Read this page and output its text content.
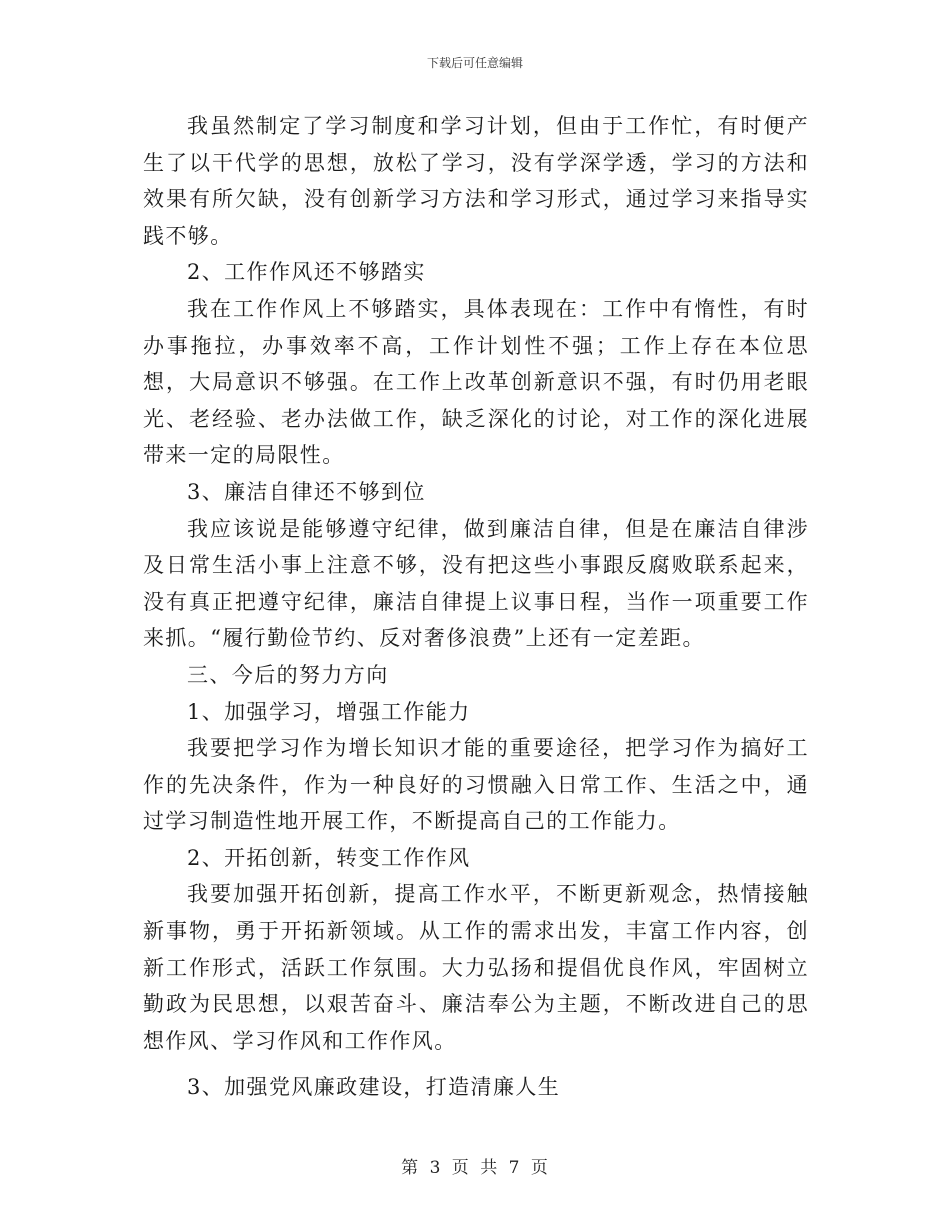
下载后可任意编辑

我虽然制定了学习制度和学习计划，但由于工作忙，有时便产生了以干代学的思想，放松了学习，没有学深学透，学习的方法和效果有所欠缺，没有创新学习方法和学习形式，通过学习来指导实践不够。

2、工作作风还不够踏实

我在工作作风上不够踏实，具体表现在：工作中有惰性，有时办事拖拉，办事效率不高，工作计划性不强；工作上存在本位思想，大局意识不够强。在工作上改革创新意识不强，有时仍用老眼光、老经验、老办法做工作，缺乏深化的讨论，对工作的深化进展带来一定的局限性。

3、廉洁自律还不够到位

我应该说是能够遵守纪律，做到廉洁自律，但是在廉洁自律涉及日常生活小事上注意不够，没有把这些小事跟反腐败联系起来，没有真正把遵守纪律，廉洁自律提上议事日程，当作一项重要工作来抓。“履行勤俭节约、反对奢侈浪费”上还有一定差距。

三、今后的努力方向

1、加强学习，增强工作能力

我要把学习作为增长知识才能的重要途径，把学习作为搞好工作的先决条件，作为一种良好的习惯融入日常工作、生活之中，通过学习制造性地开展工作，不断提高自己的工作能力。

2、开拓创新，转变工作作风

我要加强开拓创新，提高工作水平，不断更新观念，热情接触新事物，勇于开拓新领域。从工作的需求出发，丰富工作内容，创新工作形式，活跃工作氛围。大力弘扬和提倡优良作风，牢固树立勤政为民思想，以艰苦奋斗、廉洁奉公为主题，不断改进自己的思想作风、学习作风和工作作风。

3、加强党风廉政建设，打造清廉人生

第 3 页 共 7 页
